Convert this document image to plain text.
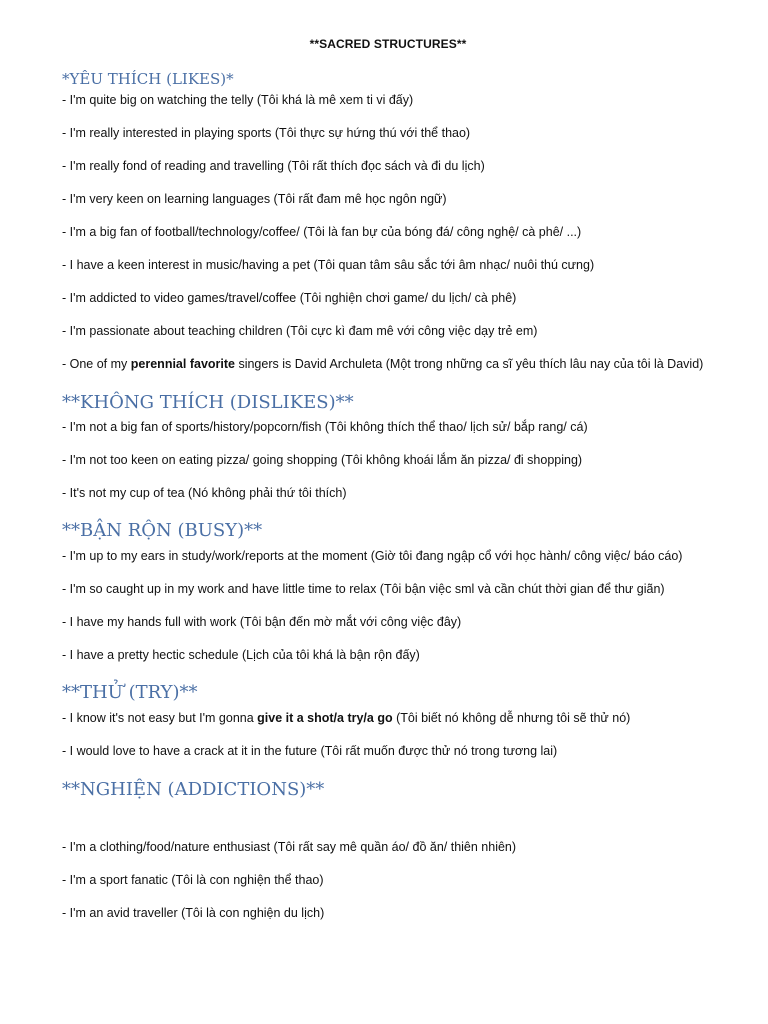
**SACRED STRUCTURES**
*YÊU THÍCH (LIKES)*
- I'm quite big on watching the telly (Tôi khá là mê xem ti vi đấy)
- I'm really interested in playing sports (Tôi thực sự hứng thú với thể thao)
- I'm really fond of reading and travelling (Tôi rất thích đọc sách và đi du lịch)
- I'm very keen on learning languages (Tôi rất đam mê học ngôn ngữ)
- I'm a big fan of football/technology/coffee/ (Tôi là fan bự của bóng đá/ công nghệ/ cà phê/ ...)
- I have a keen interest in music/having a pet (Tôi quan tâm sâu sắc tới âm nhạc/ nuôi thú cưng)
- I'm addicted to video games/travel/coffee (Tôi nghiện chơi game/ du lịch/ cà phê)
- I'm passionate about teaching children (Tôi cực kì đam mê với công việc dạy trẻ em)
- One of my perennial favorite singers is David Archuleta (Một trong những ca sĩ yêu thích lâu nay của tôi là David)
**KHÔNG THÍCH (DISLIKES)**
- I'm not a big fan of sports/history/popcorn/fish (Tôi không thích thể thao/ lịch sử/ bắp rang/ cá)
- I'm not too keen on eating pizza/ going shopping (Tôi không khoái lắm ăn pizza/ đi shopping)
- It's not my cup of tea (Nó không phải thứ tôi thích)
**BẬN RỘN (BUSY)**
- I'm up to my ears in study/work/reports at the moment (Giờ tôi đang ngập cổ với học hành/ công việc/ báo cáo)
- I'm so caught up in my work and have little time to relax (Tôi bận việc sml và cần chút thời gian để thư giãn)
- I have my hands full with work (Tôi bận đến mờ mắt với công việc đây)
- I have a pretty hectic schedule (Lịch của tôi khá là bận rộn đấy)
**THỬ (TRY)**
- I know it's not easy but I'm gonna give it a shot/a try/a go (Tôi biết nó không dễ nhưng tôi sẽ thử nó)
- I would love to have a crack at it in the future (Tôi rất muốn được thử nó trong tương lai)
**NGHIỆN (ADDICTIONS)**
- I'm a clothing/food/nature enthusiast (Tôi rất say mê quần áo/ đồ ăn/ thiên nhiên)
- I'm a sport fanatic (Tôi là con nghiện thể thao)
- I'm an avid traveller (Tôi là con nghiện du lịch)
